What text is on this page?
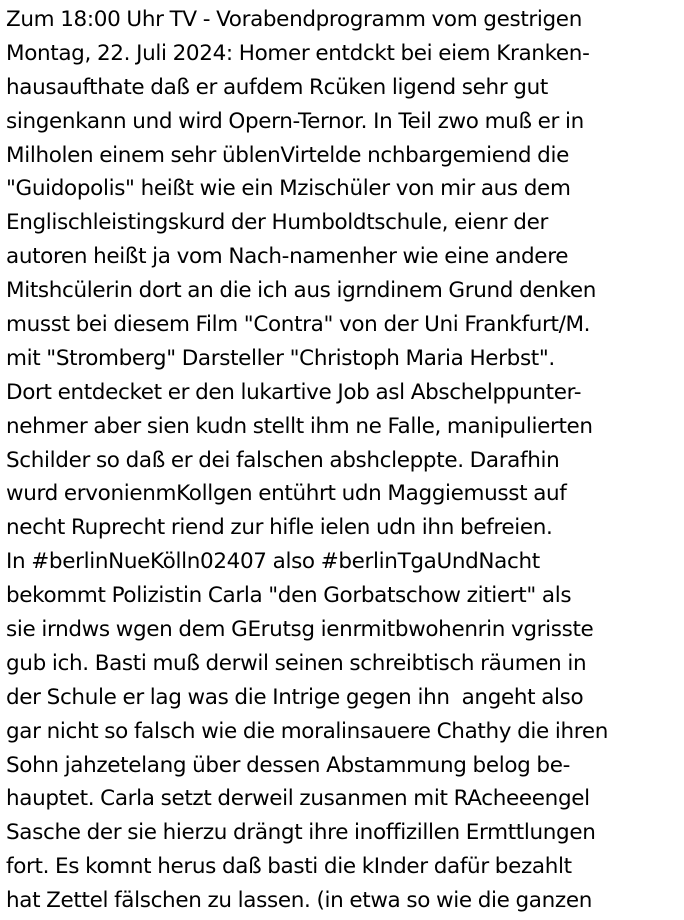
Zum 18:00 Uhr TV - Vorabendprogramm vom gestrigen
Montag, 22. Juli 2024: Homer entdckt bei eiem Kranken-
hausaufthate daß er aufdem Rcüken ligend sehr gut
singenkann und wird Opern-Ternor. In Teil zwo muß er in
Milholen einem sehr üblenVirtelde nchbargemiend die
"Guidopolis" heißt wie ein Mzischüler von mir aus dem
Englischleistingskurd der Humboldtschule, eienr der
autoren heißt ja vom Nach-namenher wie eine andere
Mitshcülerin dort an die ich aus igrndinem Grund denken
musst bei diesem Film "Contra" von der Uni Frankfurt/M.
mit "Stromberg" Darsteller "Christoph Maria Herbst".
Dort entdecket er den lukartive Job asl Abschelppunter-
nehmer aber sien kudn stellt ihm ne Falle, manipulierten
Schilder so daß er dei falschen abshcleppte. Darafhin
wurd ervonienmKollgen entührt udn Maggiemusst auf
necht Ruprecht riend zur hifle ielen udn ihn befreien.
In #berlinNueKölln02407 also #berlinTgaUndNacht
bekommt Polizistin Carla "den Gorbatschow zitiert" als
sie irndws wgen dem GErutsg ienrmitbwohenrin vgrisste
gub ich. Basti muß derwil seinen schreibtisch räumen in
der Schule er lag was die Intrige gegen ihn  angeht also
gar nicht so falsch wie die moralinsauere Chathy die ihren
Sohn jahzetelang über dessen Abstammung belog be-
hauptet. Carla setzt derweil zusanmen mit RAcheeengel
Sasche der sie hierzu drängt ihre inoffizillen Ermttlungen
fort. Es komnt herus daß basti die kInder dafür bezahlt
hat Zettel fälschen zu lassen. (in etwa so wie die ganzen
